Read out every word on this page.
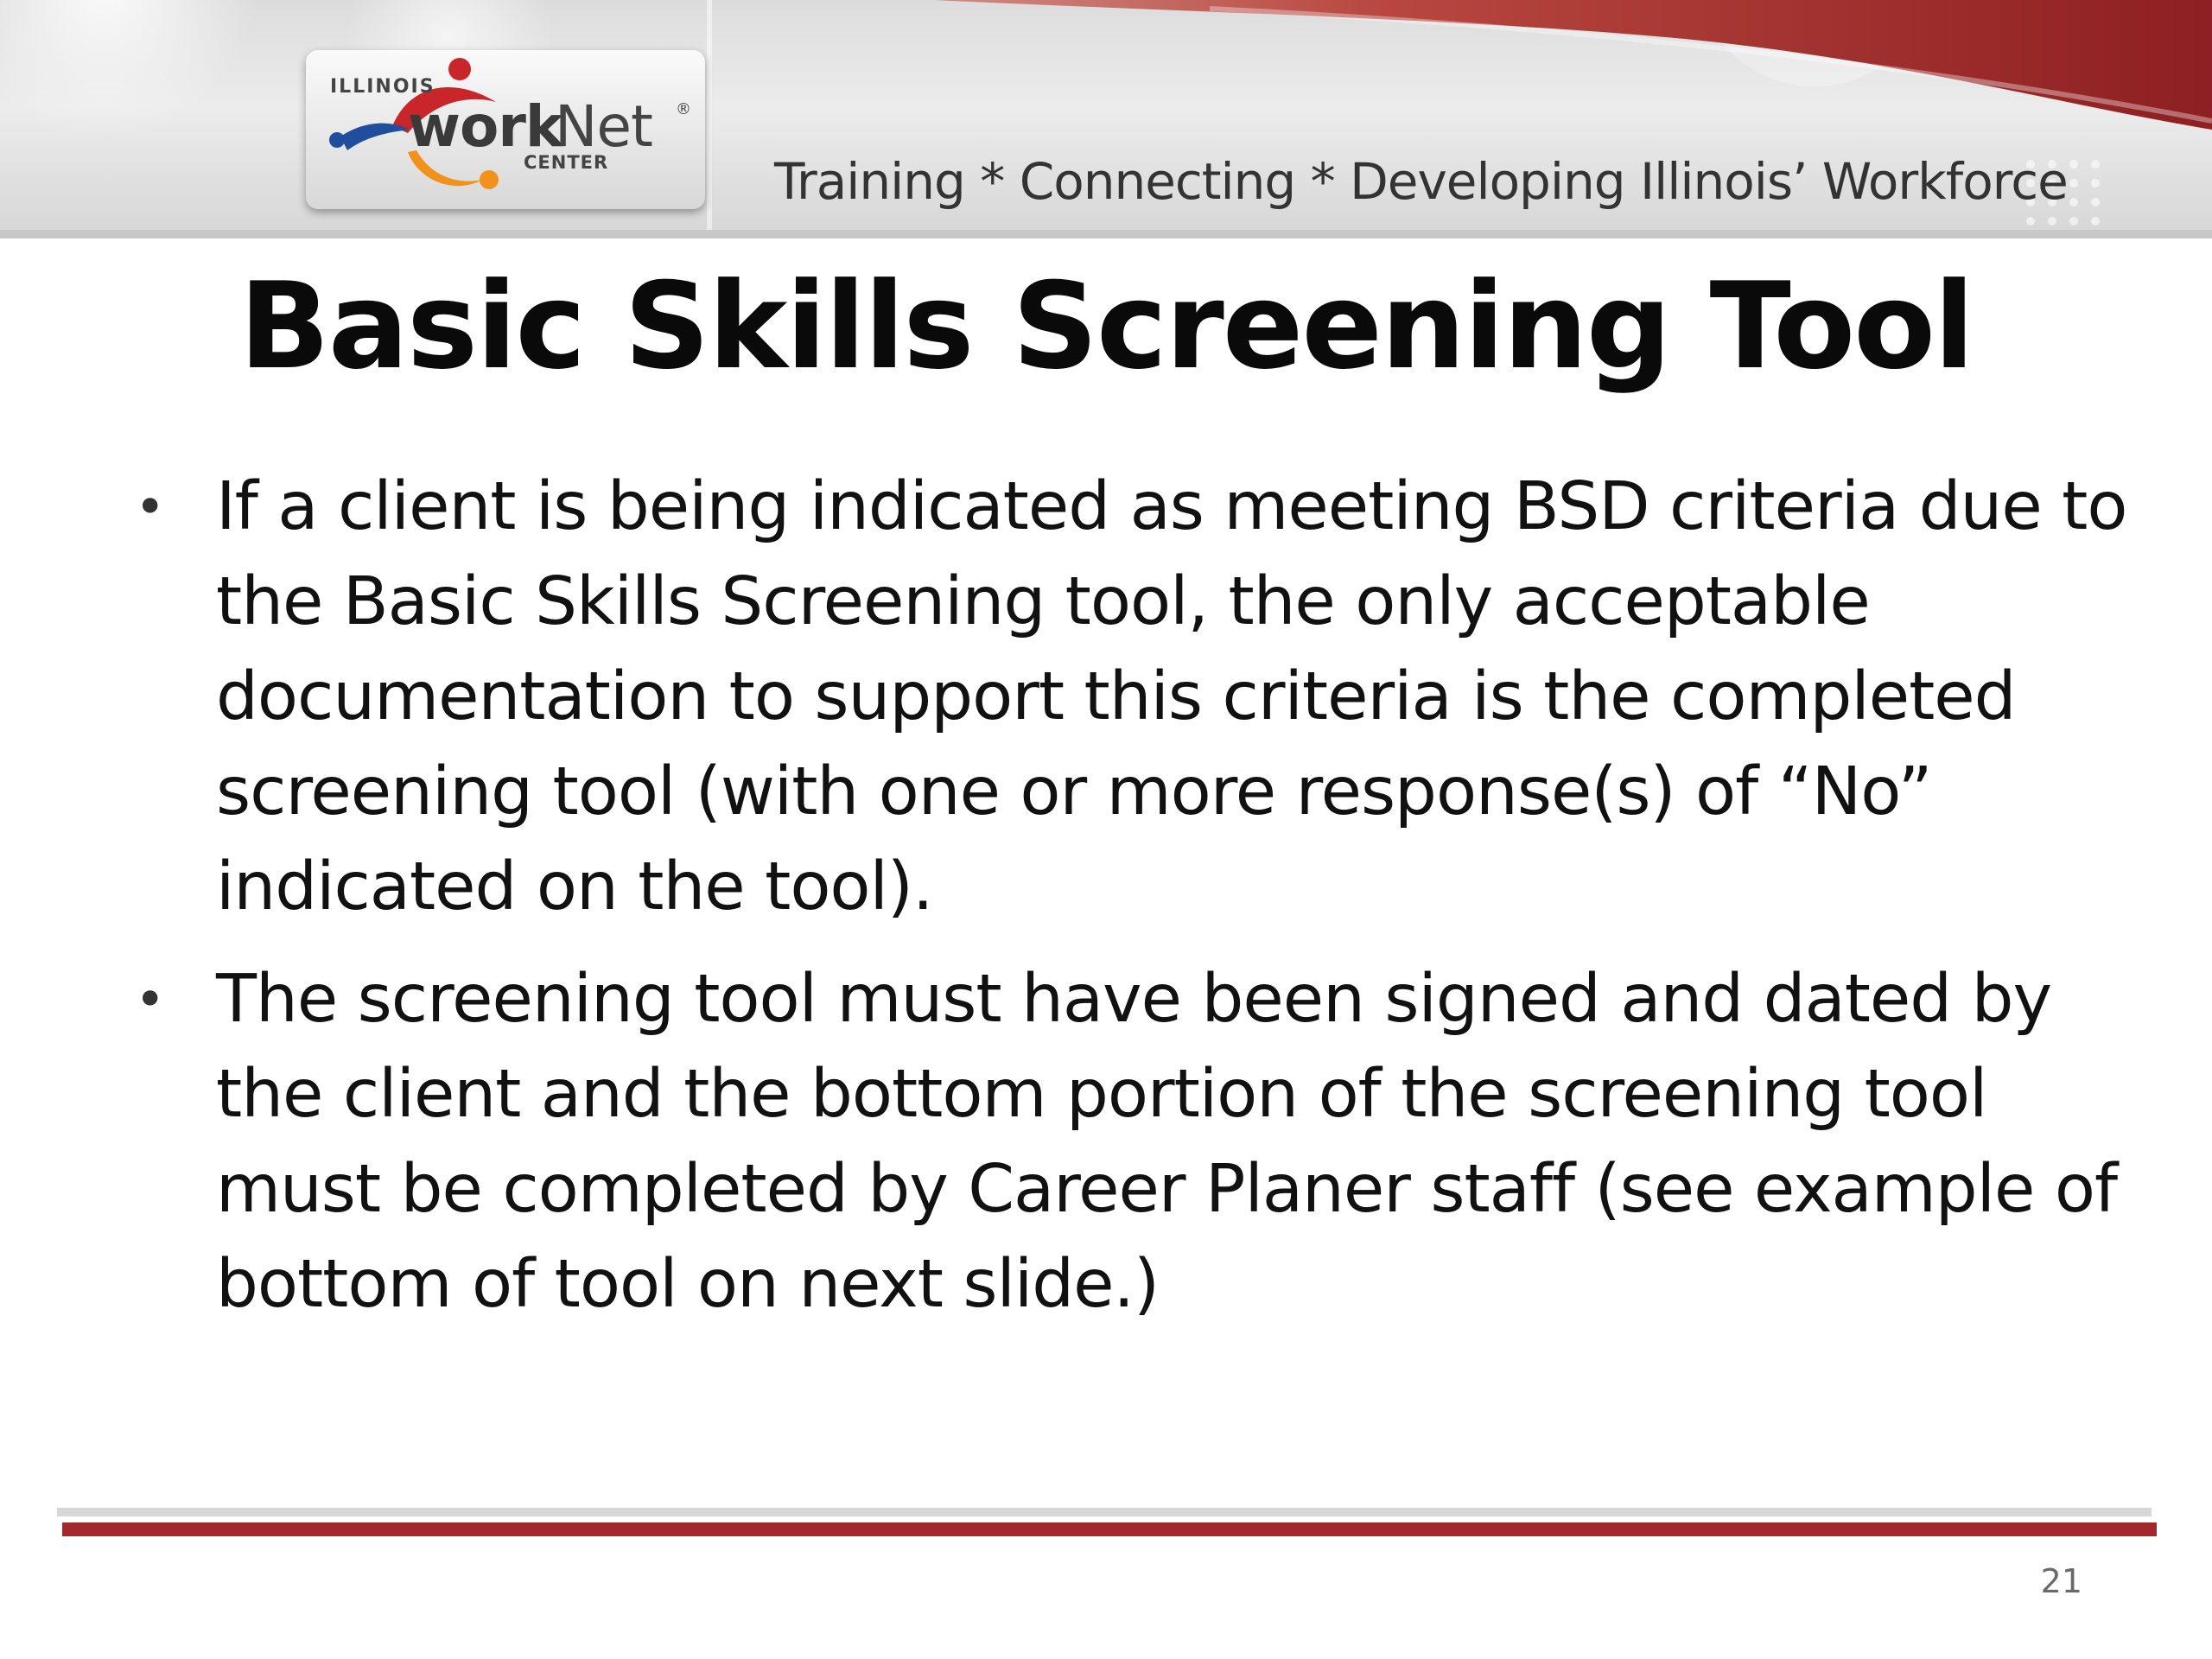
ILLINOIS
work
Net ®
CENTER	Training * Connecting * Developing Illinois’ Workforce
Basic Skills Screening Tool
• If a client is being indicated as meeting BSD criteria due to the Basic Skills Screening tool, the only acceptable documentation to support this criteria is the completed screening tool (with one or more response(s) of “No” indicated on the tool).
• The screening tool must have been signed and dated by the client and the bottom portion of the screening tool must be completed by Career Planer staff (see example of bottom of tool on next slide.)
21
